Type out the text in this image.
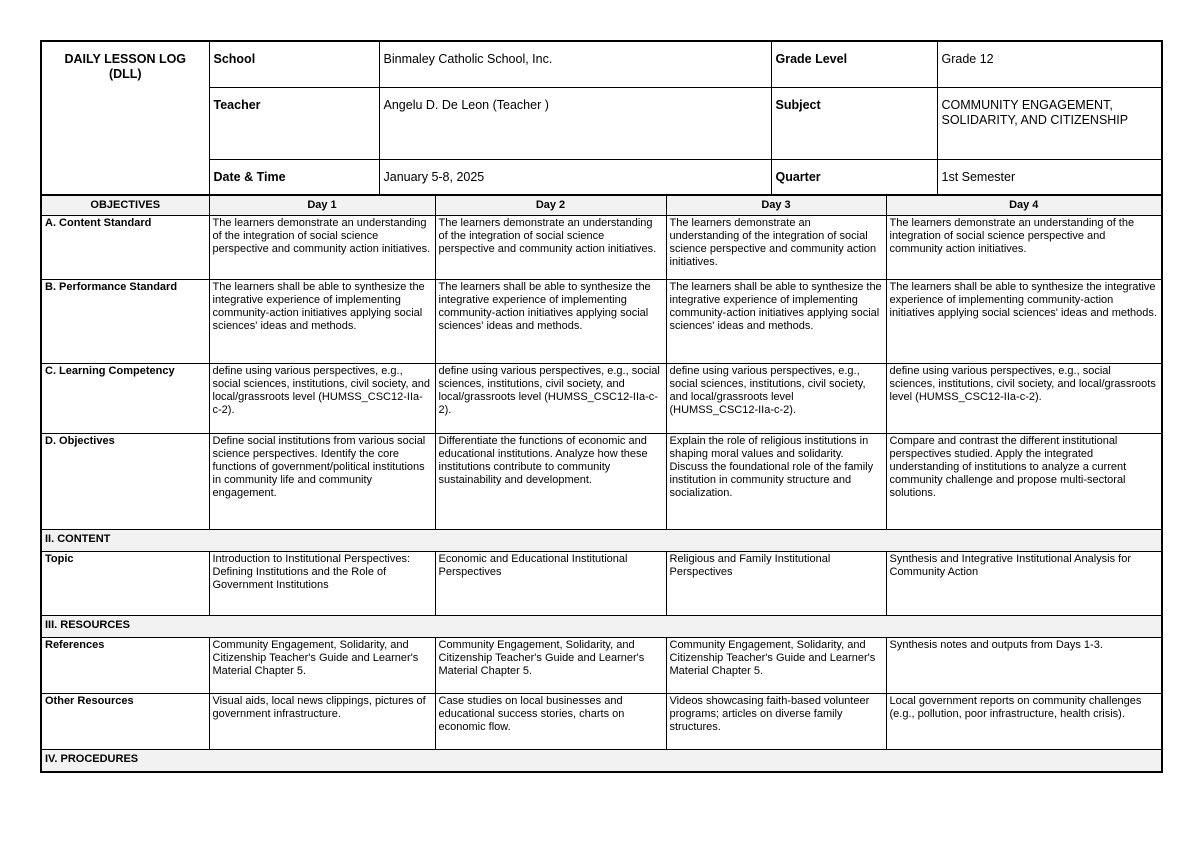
DAILY LESSON LOG (DLL)	School	Binmaley Catholic School, Inc.	Grade Level	Grade 12
	Teacher	Angelu D. De Leon (Teacher )	Subject	COMMUNITY ENGAGEMENT, SOLIDARITY, AND CITIZENSHIP
	Date & Time	January 5-8, 2025	Quarter	1st Semester
OBJECTIVES	Day 1	Day 2	Day 3	Day 4
A. Content Standard	The learners demonstrate an understanding of the integration of social science perspective and community action initiatives.	The learners demonstrate an understanding of the integration of social science perspective and community action initiatives.	The learners demonstrate an understanding of the integration of social science perspective and community action initiatives.	The learners demonstrate an understanding of the integration of social science perspective and community action initiatives.
B. Performance Standard	The learners shall be able to synthesize the integrative experience of implementing community-action initiatives applying social sciences' ideas and methods.	The learners shall be able to synthesize the integrative experience of implementing community-action initiatives applying social sciences' ideas and methods.	The learners shall be able to synthesize the integrative experience of implementing community-action initiatives applying social sciences' ideas and methods.	The learners shall be able to synthesize the integrative experience of implementing community-action initiatives applying social sciences' ideas and methods.
C. Learning Competency	define using various perspectives, e.g., social sciences, institutions, civil society, and local/grassroots level (HUMSS_CSC12-IIa-c-2).	define using various perspectives, e.g., social sciences, institutions, civil society, and local/grassroots level (HUMSS_CSC12-IIa-c-2).	define using various perspectives, e.g., social sciences, institutions, civil society, and local/grassroots level (HUMSS_CSC12-IIa-c-2).	define using various perspectives, e.g., social sciences, institutions, civil society, and local/grassroots level (HUMSS_CSC12-IIa-c-2).
D. Objectives	Define social institutions from various social science perspectives. Identify the core functions of government/political institutions in community life and community engagement.	Differentiate the functions of economic and educational institutions. Analyze how these institutions contribute to community sustainability and development.	Explain the role of religious institutions in shaping moral values and solidarity. Discuss the foundational role of the family institution in community structure and socialization.	Compare and contrast the different institutional perspectives studied. Apply the integrated understanding of institutions to analyze a current community challenge and propose multi-sectoral solutions.
II. CONTENT				
Topic	Introduction to Institutional Perspectives: Defining Institutions and the Role of Government Institutions	Economic and Educational Institutional Perspectives	Religious and Family Institutional Perspectives	Synthesis and Integrative Institutional Analysis for Community Action
III. RESOURCES				
References	Community Engagement, Solidarity, and Citizenship Teacher's Guide and Learner's Material Chapter 5.	Community Engagement, Solidarity, and Citizenship Teacher's Guide and Learner's Material Chapter 5.	Community Engagement, Solidarity, and Citizenship Teacher's Guide and Learner's Material Chapter 5.	Synthesis notes and outputs from Days 1-3.
Other Resources	Visual aids, local news clippings, pictures of government infrastructure.	Case studies on local businesses and educational success stories, charts on economic flow.	Videos showcasing faith-based volunteer programs; articles on diverse family structures.	Local government reports on community challenges (e.g., pollution, poor infrastructure, health crisis).
IV. PROCEDURES				
